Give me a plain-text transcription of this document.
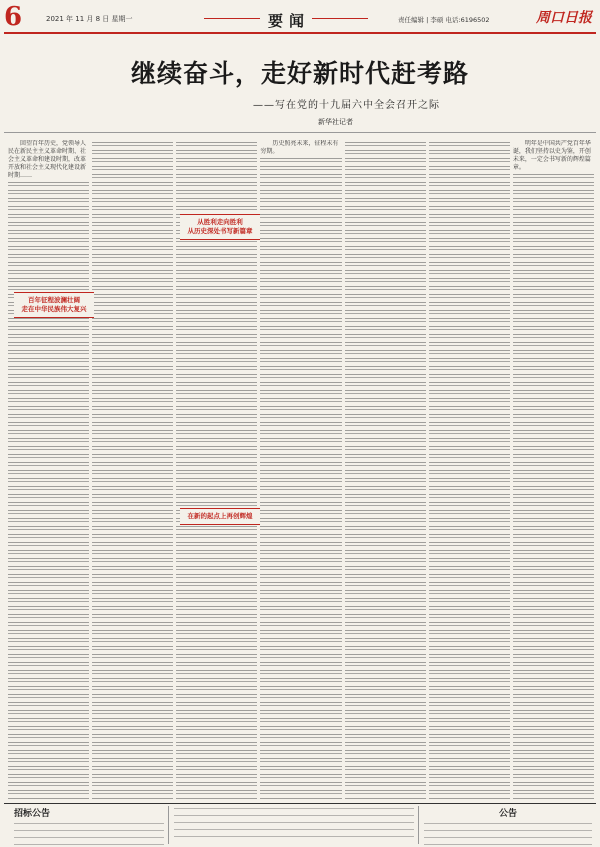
6	2021 年 11 月 8 日 星期一	要闻	责任编辑 | 李硕 电话:6196502	周口日报
继续奋斗，走好新时代赶考路
——写在党的十九届六中全会召开之际
新华社记者

回望百年历史，党领导人民在新民主主义革命时期、社会主义革命和建设时期，改革开放和社会主义现代化建设新时期……

历史照亮未来，征程未有穷期。

明年是中国共产党百年华诞，我们坚持以史为鉴，开创未来，一定会书写新的辉煌篇章。

百年征程波澜壮阔
走在中华民族伟大复兴
从胜利走向胜利
从历史深处书写新篇章
在新的起点上再创辉煌
招标公告	公告
